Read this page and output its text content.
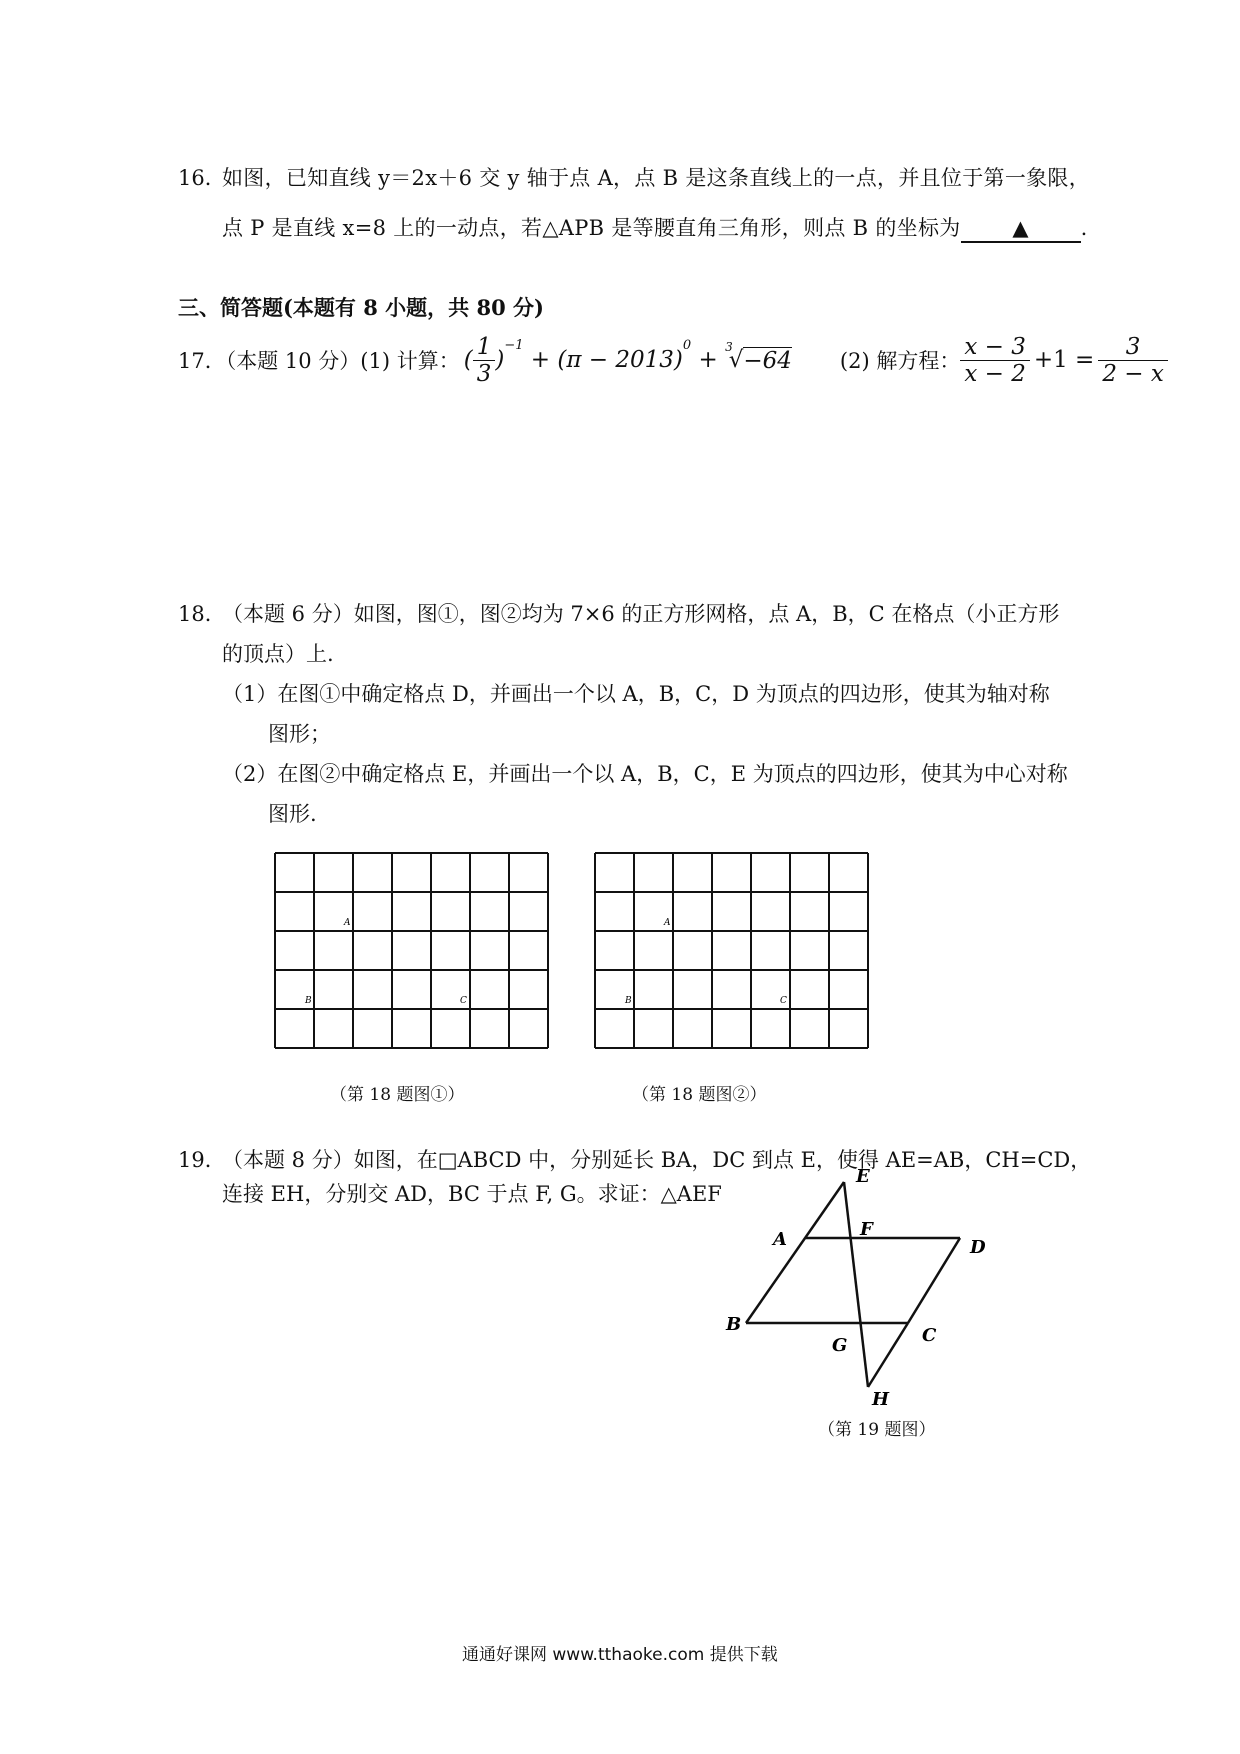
16．
如图，已知直线 y＝2x＋6 交 y 轴于点 A，点 B 是这条直线上的一点，并且位于第一象限，
点 P 是直线 x=8 上的一动点，若△APB 是等腰直角三角形，则点 B 的坐标为 ▲ .
三、简答题(本题有 8 小题，共 80 分)
17．（本题 10 分）(1) 计算： ( $\frac{1}{3}$ )
$^{-1}$
+ (π − 2013)
$^0$
+
$^3$
√ −64 (2) 解方程： $\frac{x - 3}{x - 2} +1 = \frac{3}{2 - x}$
18．
（本题 6 分）如图，图①，图②均为 7×6 的正方形网格，点 A，B，C 在格点（小正方形
的顶点）上.
（1）在图①中确定格点 D，并画出一个以 A，B，C，D 为顶点的四边形，使其为轴对称
图形；
（2）在图②中确定格点 E，并画出一个以 A，B，C，E 为顶点的四边形，使其为中心对称
图形.
A
B	C
A
B	C
（第 18 题图①）	（第 18 题图②）
19．
（本题 8 分）如图，在□ABCD 中，分别延长 BA，DC 到点 E，使得 AE=AB，CH=CD，
连接 EH，分别交 AD，BC 于点 F, G。求证：△AEF
E
A	F
D
B
G	C
H
（第 19 题图）
通通好课网 www.tthaoke.com 提供下载
